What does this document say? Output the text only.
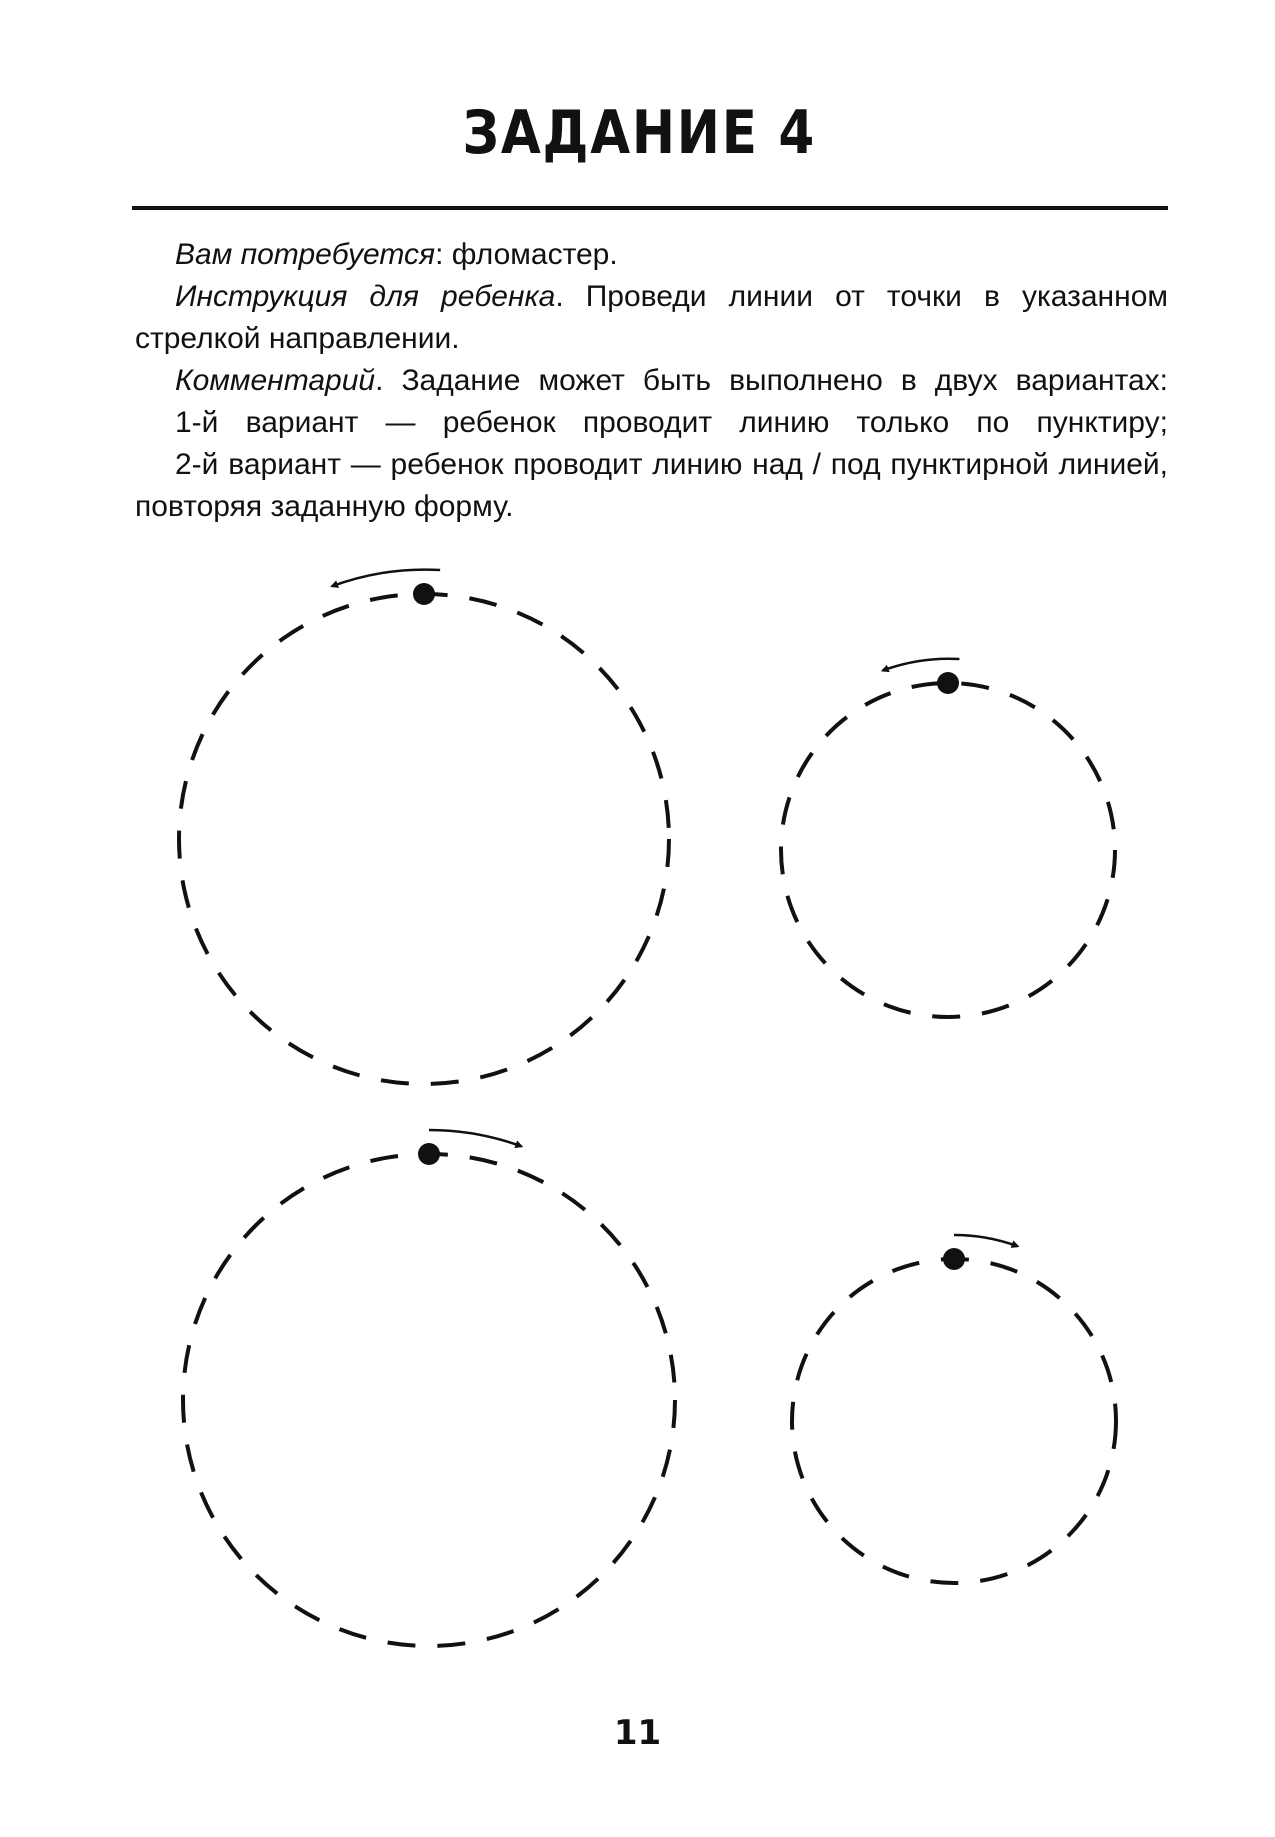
ЗАДАНИЕ 4

Вам потребуется: фломастер.

Инструкция для ребенка. Проведи линии от точки в указанном стрелкой направлении.

Комментарий. Задание может быть выполнено в двух вариантах:

1-й вариант — ребенок проводит линию только по пунктиру;

2-й вариант — ребенок проводит линию над / под пунктирной линией, повторяя заданную форму.

11
